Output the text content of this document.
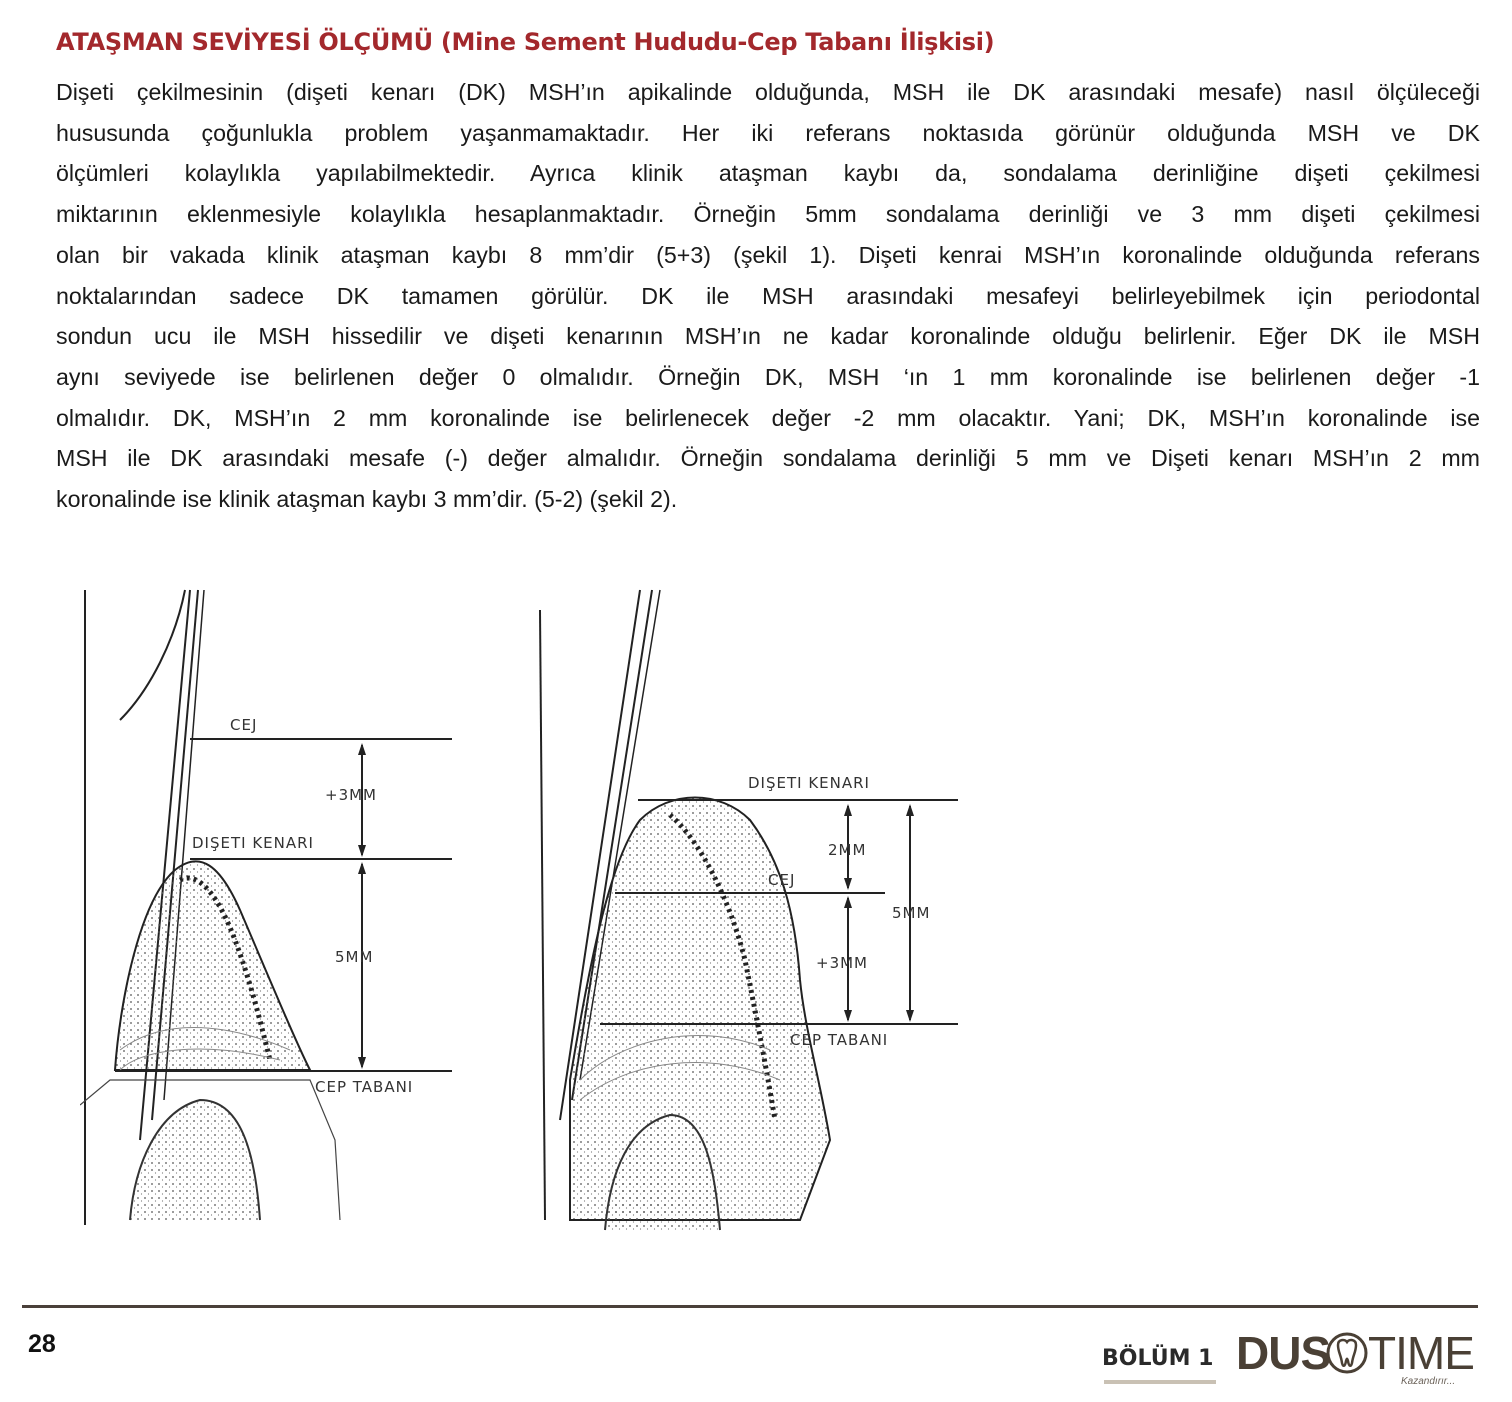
ATAŞMAN SEVİYESİ ÖLÇÜMÜ (Mine Sement Hududu-Cep Tabanı İlişkisi)

Dişeti çekilmesinin (dişeti kenarı (DK) MSH’ın apikalinde olduğunda, MSH ile DK arasındaki mesafe) nasıl ölçüleceği

hususunda çoğunlukla problem yaşanmamaktadır. Her iki referans noktasıda görünür olduğunda MSH ve DK

ölçümleri kolaylıkla yapılabilmektedir. Ayrıca klinik ataşman kaybı da, sondalama derinliğine dişeti çekilmesi

miktarının eklenmesiyle kolaylıkla hesaplanmaktadır. Örneğin 5mm sondalama derinliği ve 3 mm dişeti çekilmesi

olan bir vakada klinik ataşman kaybı 8 mm’dir (5+3) (şekil 1). Dişeti kenrai MSH’ın koronalinde olduğunda referans

noktalarından sadece DK tamamen görülür. DK ile MSH arasındaki mesafeyi belirleyebilmek için periodontal

sondun ucu ile MSH hissedilir ve dişeti kenarının MSH’ın ne kadar koronalinde olduğu belirlenir. Eğer DK ile MSH

aynı seviyede ise belirlenen değer 0 olmalıdır. Örneğin DK, MSH ‘ın 1 mm koronalinde ise belirlenen değer -1

olmalıdır. DK, MSH’ın 2 mm koronalinde ise belirlenecek değer -2 mm olacaktır. Yani; DK, MSH’ın koronalinde ise

MSH ile DK arasındaki mesafe (-) değer almalıdır. Örneğin sondalama derinliği 5 mm ve Dişeti kenarı MSH’ın 2 mm

koronalinde ise klinik ataşman kaybı 3 mm’dir. (5-2) (şekil 2).

CEJ
+3MM
DIŞETI KENARI
5MM
CEP TABANI
DIŞETI KENARI
2MM
CEJ
5MM
+3MM
CEP TABANI
28
BÖLÜM 1 DUS TIME
Kazandırır...
